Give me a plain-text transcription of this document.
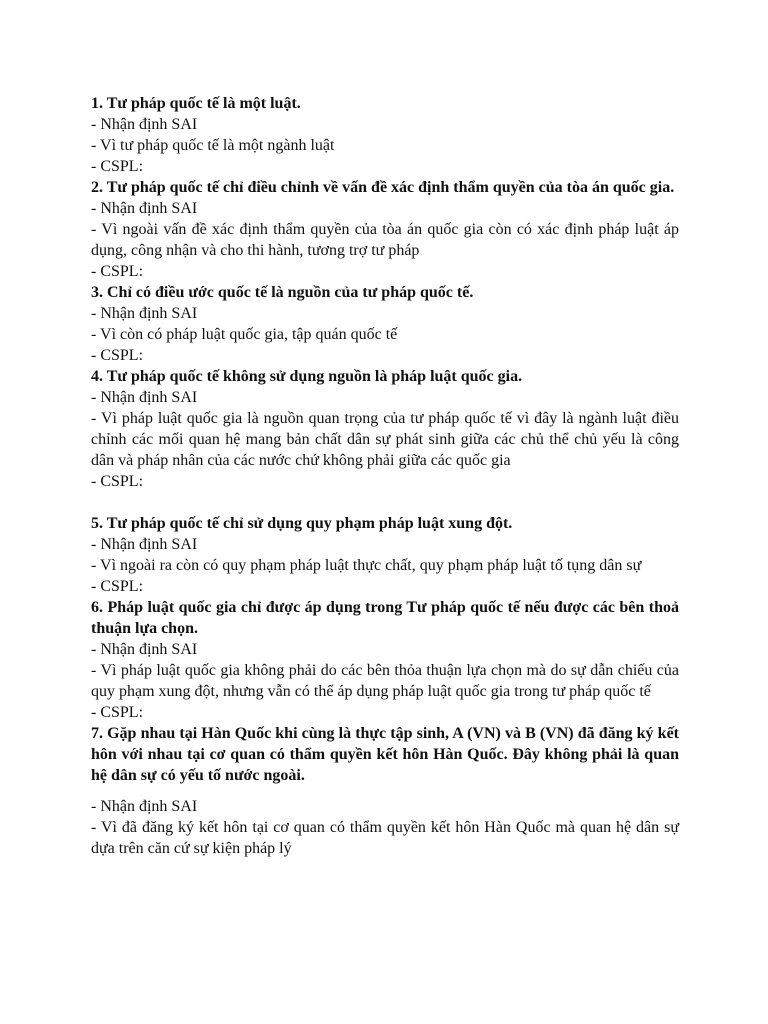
1. Tư pháp quốc tế là một luật.

- Nhận định SAI

- Vì tư pháp quốc tế là một ngành luật

- CSPL:

2. Tư pháp quốc tế chỉ điều chỉnh về vấn đề xác định thẩm quyền của tòa án quốc gia.

- Nhận định SAI

- Vì ngoài vấn đề xác định thẩm quyền của tòa án quốc gia còn có xác định pháp luật áp dụng, công nhận và cho thi hành, tương trợ tư pháp

- CSPL:

3. Chỉ có điều ước quốc tế là nguồn của tư pháp quốc tế.

- Nhận định SAI

- Vì còn có pháp luật quốc gia, tập quán quốc tế

- CSPL:

4. Tư pháp quốc tế không sử dụng nguồn là pháp luật quốc gia.

- Nhận định SAI

- Vì pháp luật quốc gia là nguồn quan trọng của tư pháp quốc tế vì đây là ngành luật điều chỉnh các mối quan hệ mang bản chất dân sự phát sinh giữa các chủ thể chủ yếu là công dân và pháp nhân của các nước chứ không phải giữa các quốc gia

- CSPL:

5. Tư pháp quốc tế chỉ sử dụng quy phạm pháp luật xung đột.

- Nhận định SAI

- Vì ngoài ra còn có quy phạm pháp luật thực chất, quy phạm pháp luật tố tụng dân sự

- CSPL:

6. Pháp luật quốc gia chỉ được áp dụng trong Tư pháp quốc tế nếu được các bên thoả thuận lựa chọn.

- Nhận định SAI

- Vì pháp luật quốc gia không phải do các bên thỏa thuận lựa chọn mà do sự dẫn chiếu của quy phạm xung đột, nhưng vẫn có thể áp dụng pháp luật quốc gia trong tư pháp quốc tế

- CSPL:

7. Gặp nhau tại Hàn Quốc khi cùng là thực tập sinh, A (VN) và B (VN) đã đăng ký kết hôn với nhau tại cơ quan có thẩm quyền kết hôn Hàn Quốc. Đây không phải là quan hệ dân sự có yếu tố nước ngoài.

- Nhận định SAI

- Vì đã đăng ký kết hôn tại cơ quan có thẩm quyền kết hôn Hàn Quốc mà quan hệ dân sự dựa trên căn cứ sự kiện pháp lý
